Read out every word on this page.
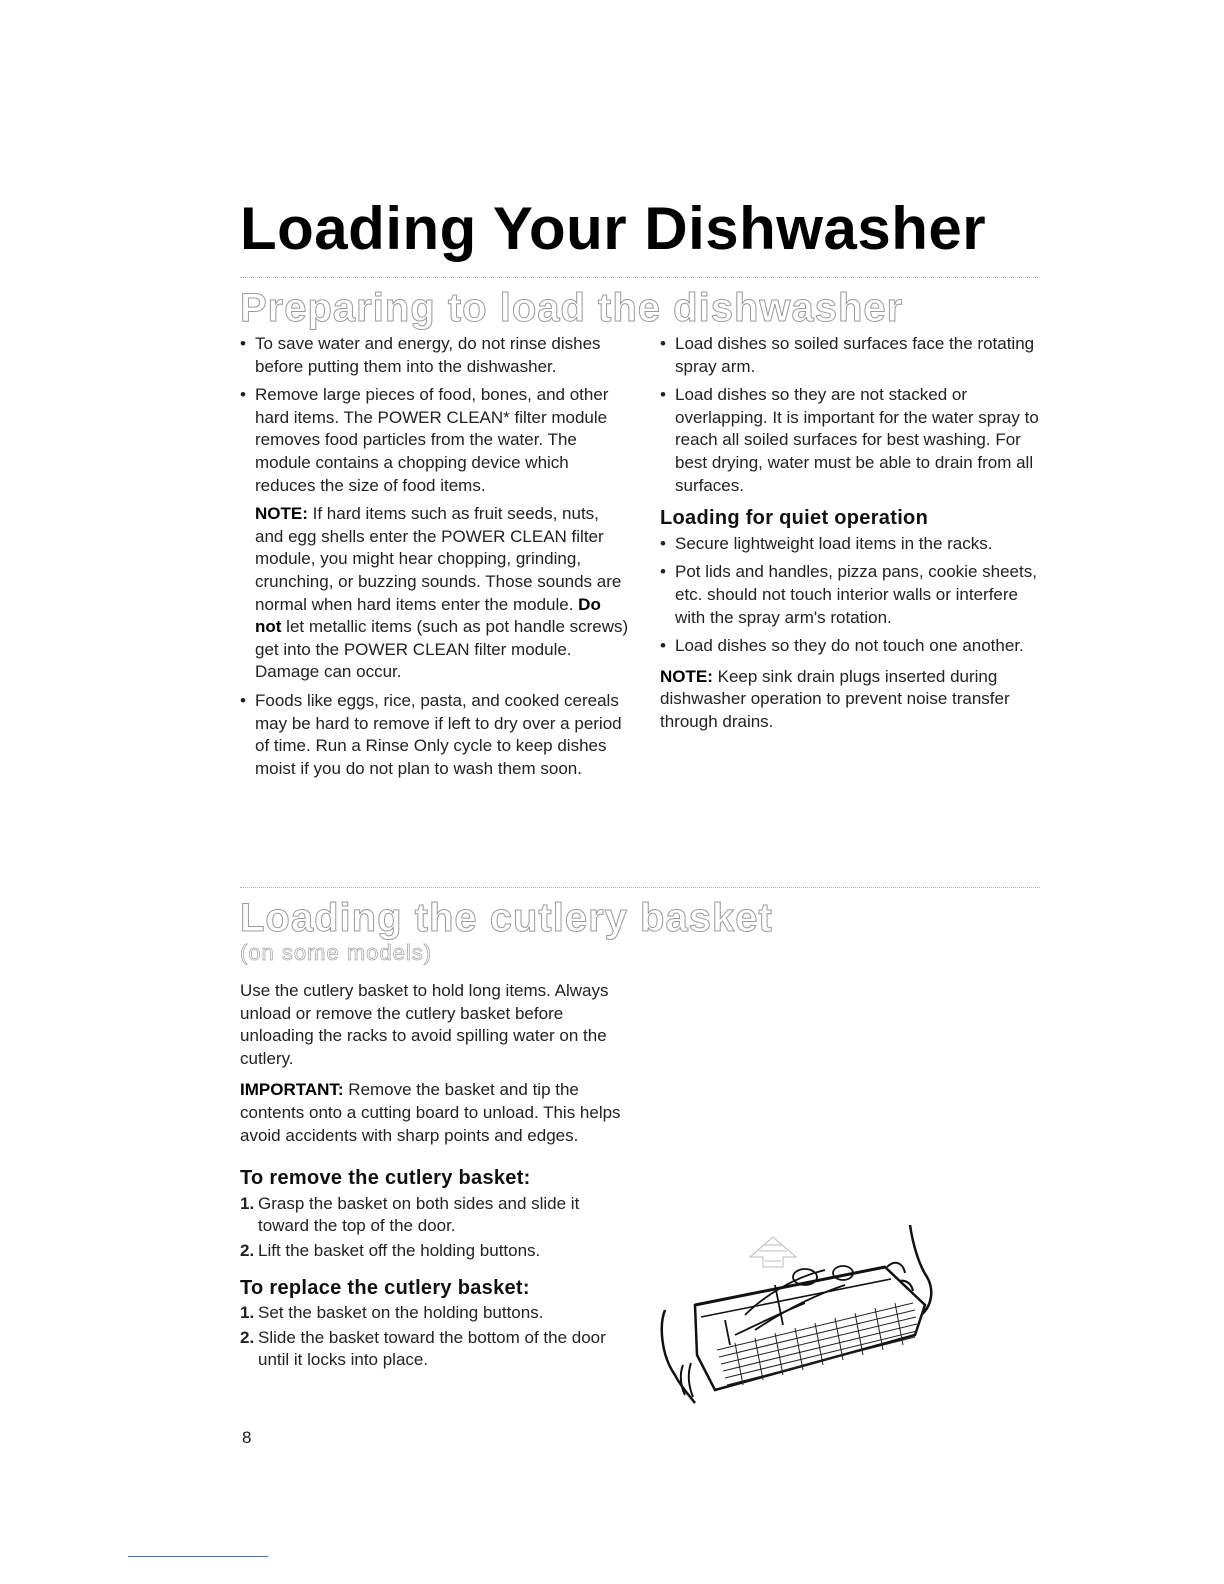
Loading Your Dishwasher
Preparing to load the dishwasher
• To save water and energy, do not rinse dishes before putting them into the dishwasher.
• Remove large pieces of food, bones, and other hard items. The POWER CLEAN* filter module removes food particles from the water. The module contains a chopping device which reduces the size of food items.
NOTE: If hard items such as fruit seeds, nuts, and egg shells enter the POWER CLEAN filter module, you might hear chopping, grinding, crunching, or buzzing sounds. Those sounds are normal when hard items enter the module. Do not let metallic items (such as pot handle screws) get into the POWER CLEAN filter module. Damage can occur.
• Foods like eggs, rice, pasta, and cooked cereals may be hard to remove if left to dry over a period of time. Run a Rinse Only cycle to keep dishes moist if you do not plan to wash them soon.
• Load dishes so soiled surfaces face the rotating spray arm.
• Load dishes so they are not stacked or overlapping. It is important for the water spray to reach all soiled surfaces for best washing. For best drying, water must be able to drain from all surfaces.
Loading for quiet operation
• Secure lightweight load items in the racks.
• Pot lids and handles, pizza pans, cookie sheets, etc. should not touch interior walls or interfere with the spray arm's rotation.
• Load dishes so they do not touch one another.

NOTE: Keep sink drain plugs inserted during dishwasher operation to prevent noise transfer through drains.

Loading the cutlery basket
(on some models)

Use the cutlery basket to hold long items. Always unload or remove the cutlery basket before unloading the racks to avoid spilling water on the cutlery.

IMPORTANT: Remove the basket and tip the contents onto a cutting board to unload. This helps avoid accidents with sharp points and edges.

To remove the cutlery basket:
1. Grasp the basket on both sides and slide it toward the top of the door.
2. Lift the basket off the holding buttons.
To replace the cutlery basket:
1. Set the basket on the holding buttons.
2. Slide the basket toward the bottom of the door until it locks into place.
8
